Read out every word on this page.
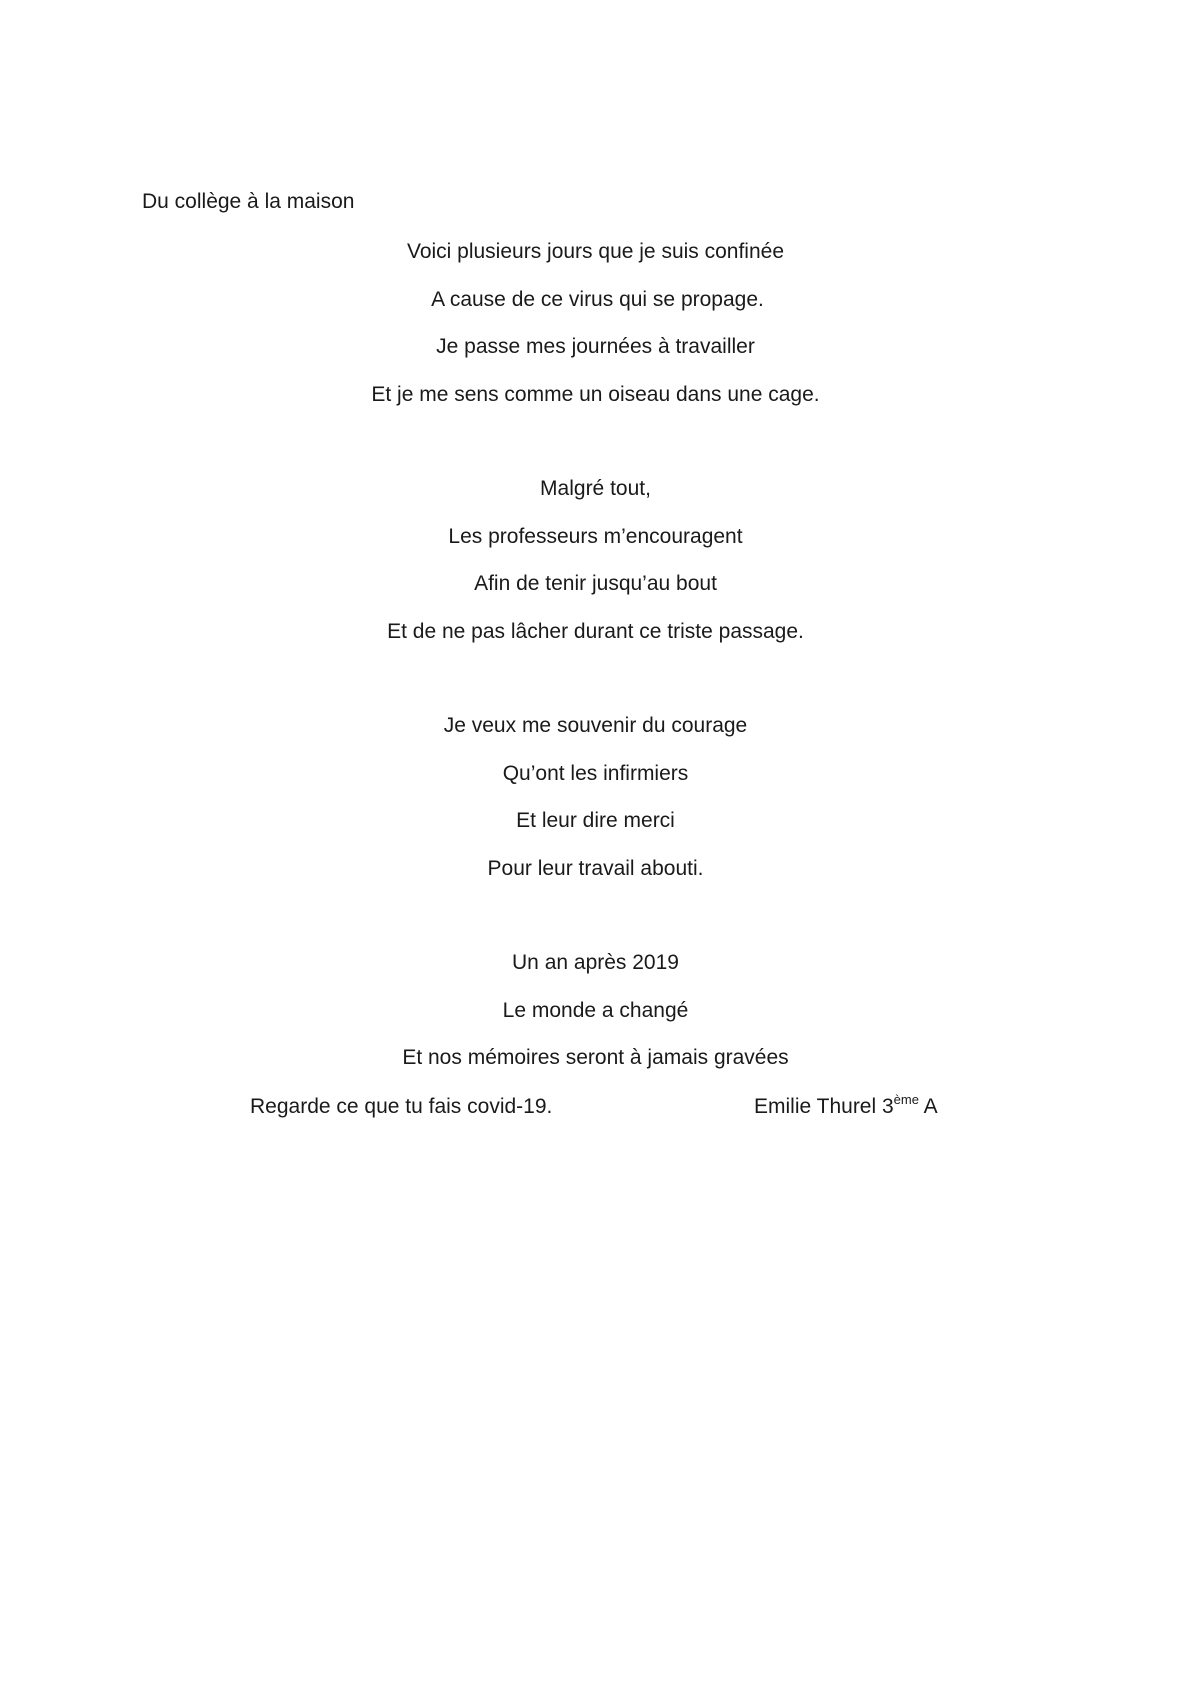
Du collège à la maison
Voici plusieurs jours que je suis confinée
A cause de ce virus qui se propage.
Je passe mes journées à travailler
Et je me sens comme un oiseau dans une cage.
Malgré tout,
Les professeurs m’encouragent
Afin de tenir jusqu’au bout
Et de ne pas lâcher durant ce triste passage.
Je veux me souvenir du courage
Qu’ont les infirmiers
Et leur dire merci
Pour leur travail abouti.
Un an après 2019
Le monde a changé
Et nos mémoires seront à jamais gravées
Regarde ce que tu fais covid-19.	Emilie Thurel 3ème A
